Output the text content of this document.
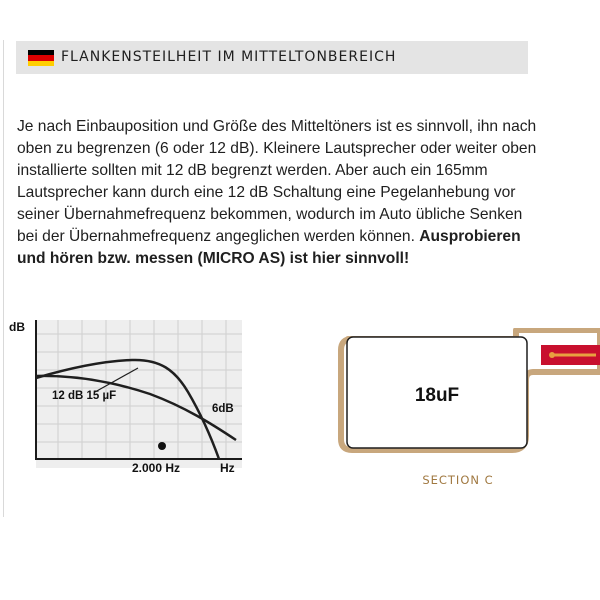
FLANKENSTEILHEIT IM MITTELTONBEREICH
Je nach Einbauposition und Größe des Mitteltöners ist es sinnvoll, ihn nach oben zu begrenzen (6 oder 12 dB). Kleinere Lautsprecher oder weiter oben installierte sollten mit 12 dB begrenzt werden. Aber auch ein 165mm Lautsprecher kann durch eine 12 dB Schaltung eine Pegelanhebung vor seiner Übernahmefrequenz bekommen, wodurch im Auto übliche Senken bei der Übernahmefrequenz angeglichen werden können. Ausprobieren und hören bzw. messen (MICRO AS) ist hier sinnvoll!
dB
12 dB 15 µF
6dB
2.000 Hz	Hz
18uF
SECTION C
